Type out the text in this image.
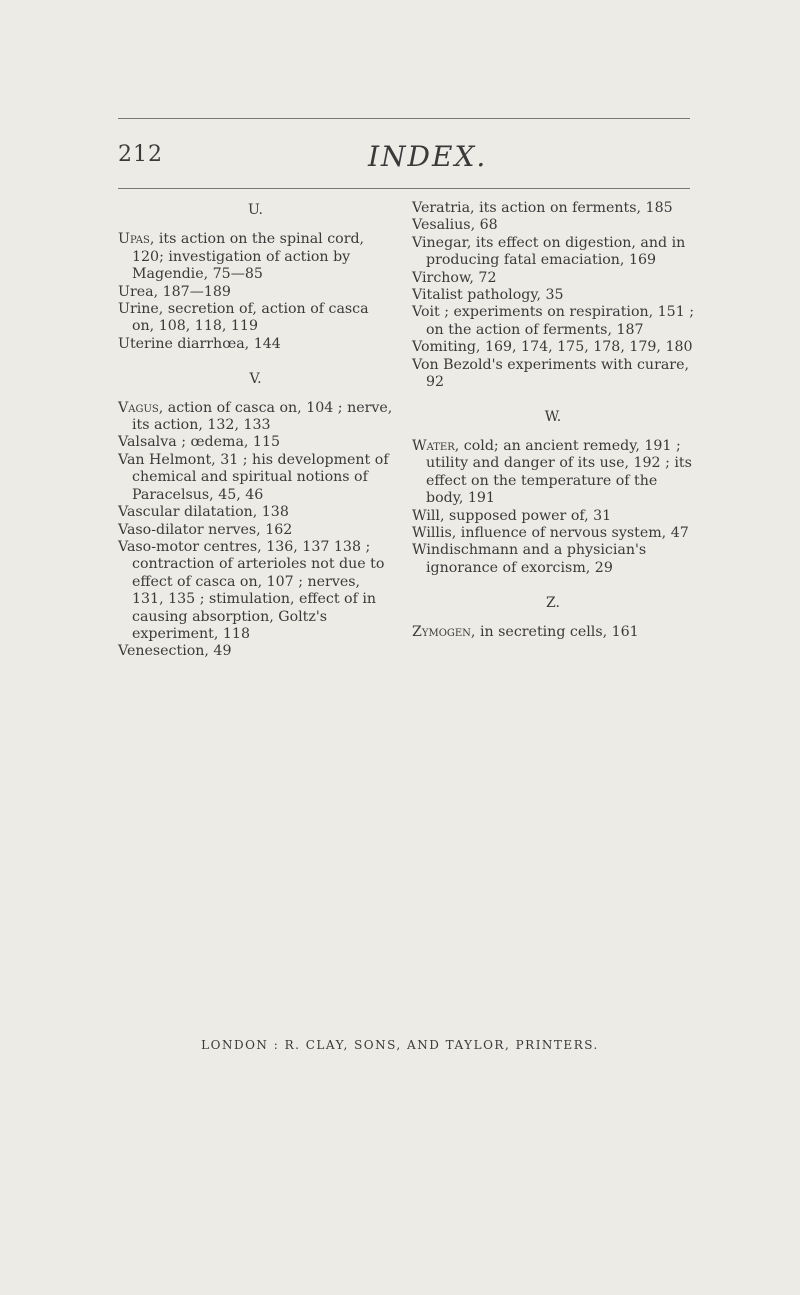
212	INDEX.

U.

Upas, its action on the spinal cord, 120; investigation of action by Magendie, 75—85

Urea, 187—189

Urine, secretion of, action of casca on, 108, 118, 119

Uterine diarrhœa, 144

V.

Vagus, action of casca on, 104 ; nerve, its action, 132, 133

Valsalva ; œdema, 115

Van Helmont, 31 ; his development of chemical and spiritual notions of Paracelsus, 45, 46

Vascular dilatation, 138

Vaso-dilator nerves, 162

Vaso-motor centres, 136, 137 138 ; contraction of arterioles not due to effect of casca on, 107 ; nerves, 131, 135 ; stimulation, effect of in causing absorption, Goltz's experiment, 118

Venesection, 49

Veratria, its action on ferments, 185

Vesalius, 68

Vinegar, its effect on digestion, and in producing fatal emaciation, 169

Virchow, 72

Vitalist pathology, 35

Voit ; experiments on respiration, 151 ; on the action of ferments, 187

Vomiting, 169, 174, 175, 178, 179, 180

Von Bezold's experiments with curare, 92

W.

Water, cold; an ancient remedy, 191 ; utility and danger of its use, 192 ; its effect on the temperature of the body, 191

Will, supposed power of, 31

Willis, influence of nervous system, 47

Windischmann and a physician's ignorance of exorcism, 29

Z.

Zymogen, in secreting cells, 161

LONDON : R. CLAY, SONS, AND TAYLOR, PRINTERS.
